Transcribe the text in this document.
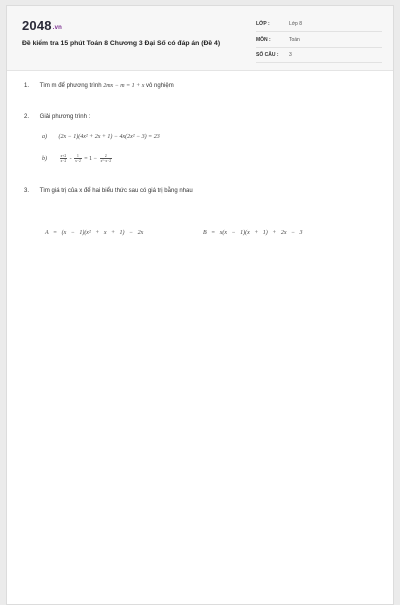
2048.vn
Đề kiểm tra 15 phút Toán 8 Chương 3 Đại Số có đáp án (Đề 4)
LỚP :	Lớp 8
MÔN :	Toán
SỐ CÂU : 3
1. Tìm m để phương trình 2mx − m = 1 + x vô nghiệm
2. Giải phương trình :
a) (2x − 1)(4x² + 2x + 1) − 4x(2x² − 3) = 23
b)	$\frac{x+2}{x-2} - \frac{1}{x-2} = 1 - \frac{2}{\text{x²−x−2}}$
3. Tìm giá trị của x để hai biểu thức sau có giá trị bằng nhau
A = (x − 1)(x² + x + 1) − 2x	B = x(x − 1)(x + 1) + 2x − 3
